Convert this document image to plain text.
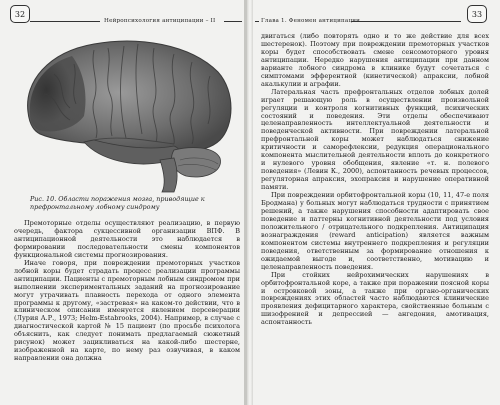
32
Нейропсихология антиципации – II
Рис. 10. Области поражения мозга, приводящие к префронтальному лобному синдрому

Премоторные отделы осуществляют реализацию, в первую очередь, фактора сукцессивной организации ВПФ. В антиципационной деятельности это наблюдается в формировании последовательности смены компонентов функциональной системы прогнозирования.

Иначе говоря, при повреждении премоторных участков лобной коры будет страдать процесс реализации программы антиципации. Пациенты с премоторным лобным синдромом при выполнении экспериментальных заданий на прогнозирование могут утрачивать плавность перехода от одного элемента программы к другому, «застревая» на каком-то действии, что в клиническом описании именуется явлением персеверации (Лурия А.Р., 1973; Helm-Estabrooks, 2004). Например, в случае с диагностической картой № 15 пациент (по просьбе психолога объяснить, как следует понимать предлагаемый сюжетный рисунок) может зацикливаться на какой-либо шестерне, изображенной на карте, по нему раз озвучивая, в каком направлении она должна

Глава 1. Феномен антиципации
33

двигаться (либо повторять одно и то же действие для всех шестеренок). Поэтому при повреждении премоторных участков коры будет способствовать смене сенсомоторного уровня антиципации. Нередко нарушения антиципации при данном варианте лобного синдрома в клинике будут сочетаться с симптомами эфферентной (кинетической) апраксии, лобной акалькулии и аграфии.

Латеральная часть префронтальных отделов лобных долей играет решающую роль в осуществлении произвольной регуляции и контроля когнитивных функций, психических состояний и поведения. Эти отделы обеспечивают целенаправленность интеллектуальной деятельности и поведенческой активности. При повреждении латеральной префронтальной коры может наблюдаться снижение критичности и саморефлексии, редукция операционального компонента мыслительной деятельности вплоть до конкретного и нулевого уровня обобщения, явление «т. н. полевого поведения» (Левин К., 2000), аспонтанность речевых процессов, регуляторная апраксия, эхопраксия и нарушение оперативной памяти.

При повреждении орбитофронтальной коры (10, 11, 47-е поля Бродмана) у больных могут наблюдаться трудности с принятием решений, а также нарушения способности адаптировать свое поведение и паттерны когнитивной деятельности под условия положительного / отрицательного подкрепления. Антиципация вознаграждения (reward anticipation) является важным компонентом системы внутреннего подкрепления и регуляции поведения, ответственным за формирование отношения к ожидаемой выгоде и, соответственно, мотивацию и целенаправленность поведения.

При стойких нейрохимических нарушениях в орбитофронтальной коре, а также при поражении поясной коры и островковой зоны, а также при органо-органических повреждениях этих областей часто наблюдаются клинические проявления дефицитарного характера, свойственные больным с шизофренией и депрессией — ангедония, амотивация, аспонтанность
